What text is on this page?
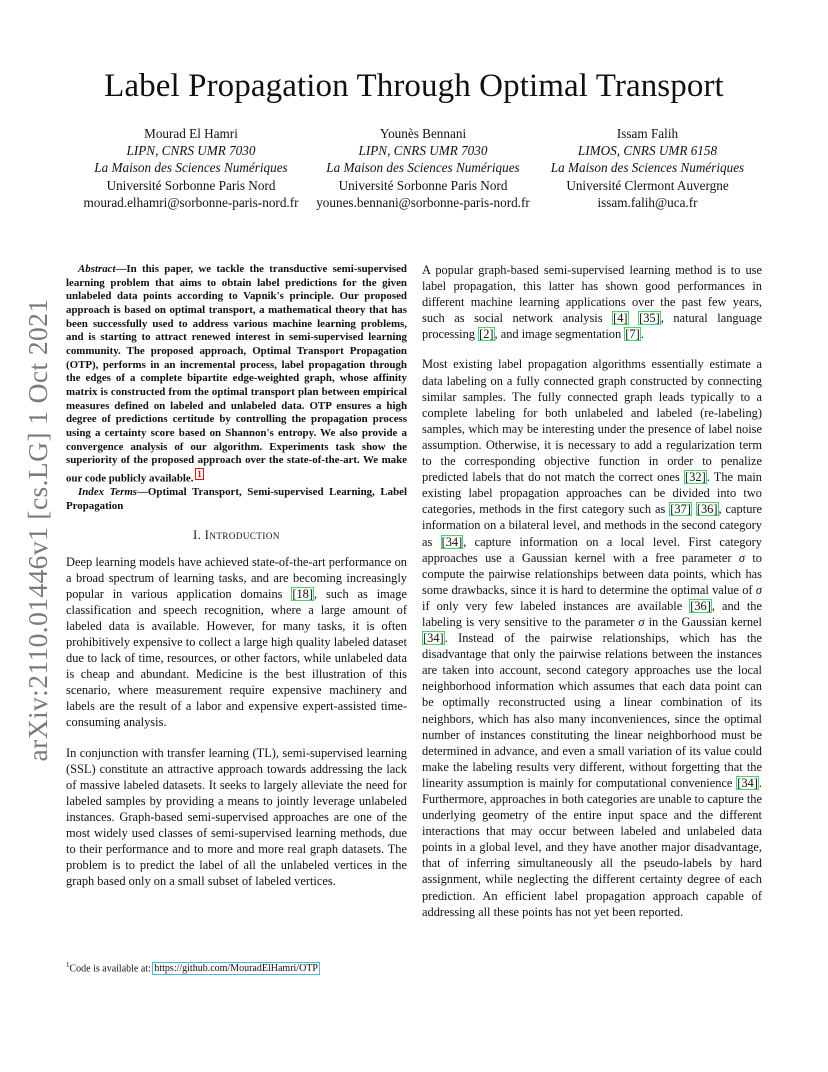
Label Propagation Through Optimal Transport
Mourad El Hamri
LIPN, CNRS UMR 7030
La Maison des Sciences Numériques
Université Sorbonne Paris Nord
mourad.elhamri@sorbonne-paris-nord.fr
Younès Bennani
LIPN, CNRS UMR 7030
La Maison des Sciences Numériques
Université Sorbonne Paris Nord
younes.bennani@sorbonne-paris-nord.fr
Issam Falih
LIMOS, CNRS UMR 6158
La Maison des Sciences Numériques
Université Clermont Auvergne
issam.falih@uca.fr
arXiv:2110.01446v1 [cs.LG] 1 Oct 2021

Abstract—In this paper, we tackle the transductive semi-supervised learning problem that aims to obtain label predictions for the given unlabeled data points according to Vapnik's principle. Our proposed approach is based on optimal transport, a mathematical theory that has been successfully used to address various machine learning problems, and is starting to attract renewed interest in semi-supervised learning community. The proposed approach, Optimal Transport Propagation (OTP), performs in an incremental process, label propagation through the edges of a complete bipartite edge-weighted graph, whose affinity matrix is constructed from the optimal transport plan between empirical measures defined on labeled and unlabeled data. OTP ensures a high degree of predictions certitude by controlling the propagation process using a certainty score based on Shannon's entropy. We also provide a convergence analysis of our algorithm. Experiments task show the superiority of the proposed approach over the state-of-the-art. We make our code publicly available. $^1$

Index Terms—Optimal Transport, Semi-supervised Learning, Label Propagation

I. Introduction

Deep learning models have achieved state-of-the-art performance on a broad spectrum of learning tasks, and are becoming increasingly popular in various application domains [18], such as image classification and speech recognition, where a large amount of labeled data is available. However, for many tasks, it is often prohibitively expensive to collect a large high quality labeled dataset due to lack of time, resources, or other factors, while unlabeled data is cheap and abundant. Medicine is the best illustration of this scenario, where measurement require expensive machinery and labels are the result of a labor and expensive expert-assisted time-consuming analysis.

In conjunction with transfer learning (TL), semi-supervised learning (SSL) constitute an attractive approach towards addressing the lack of massive labeled datasets. It seeks to largely alleviate the need for labeled samples by providing a means to jointly leverage unlabeled instances. Graph-based semi-supervised approaches are one of the most widely used classes of semi-supervised learning methods, due to their performance and to more and more real graph datasets. The problem is to predict the label of all the unlabeled vertices in the graph based only on a small subset of labeled vertices.

$^1$Code is available at: https://github.com/MouradElHamri/OTP

A popular graph-based semi-supervised learning method is to use label propagation, this latter has shown good performances in different machine learning applications over the past few years, such as social network analysis [4] [35], natural language processing [2], and image segmentation [7].

Most existing label propagation algorithms essentially estimate a data labeling on a fully connected graph constructed by connecting similar samples. The fully connected graph leads typically to a complete labeling for both unlabeled and labeled (re-labeling) samples, which may be interesting under the presence of label noise assumption. Otherwise, it is necessary to add a regularization term to the corresponding objective function in order to penalize predicted labels that do not match the correct ones [32]. The main existing label propagation approaches can be divided into two categories, methods in the first category such as [37] [36], capture information on a bilateral level, and methods in the second category as [34], capture information on a local level. First category approaches use a Gaussian kernel with a free parameter σ to compute the pairwise relationships between data points, which has some drawbacks, since it is hard to determine the optimal value of σ if only very few labeled instances are available [36], and the labeling is very sensitive to the parameter σ in the Gaussian kernel [34]. Instead of the pairwise relationships, which has the disadvantage that only the pairwise relations between the instances are taken into account, second category approaches use the local neighborhood information which assumes that each data point can be optimally reconstructed using a linear combination of its neighbors, which has also many inconveniences, since the optimal number of instances constituting the linear neighborhood must be determined in advance, and even a small variation of its value could make the labeling results very different, without forgetting that the linearity assumption is mainly for computational convenience [34]. Furthermore, approaches in both categories are unable to capture the underlying geometry of the entire input space and the different interactions that may occur between labeled and unlabeled data points in a global level, and they have another major disadvantage, that of inferring simultaneously all the pseudo-labels by hard assignment, while neglecting the different certainty degree of each prediction. An efficient label propagation approach capable of addressing all these points has not yet been reported.
